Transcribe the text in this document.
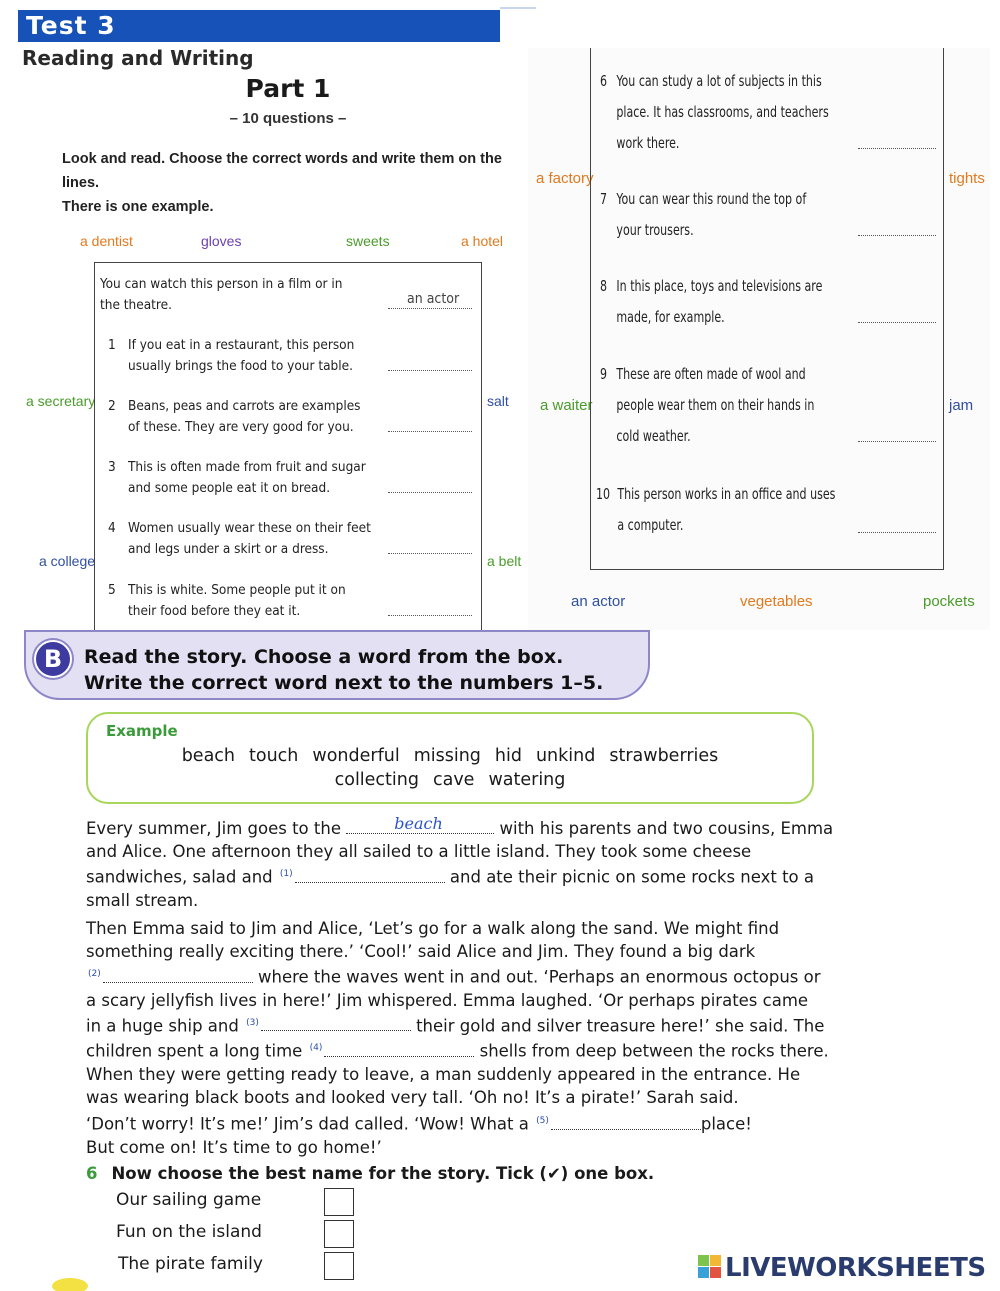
Test 3
Reading and Writing
Part 1
– 10 questions –
Look and read. Choose the correct words and write them on the lines.
There is one example.
a dentist	gloves	sweets	a hotel
a secretary
a college
salt
a belt
a factory
a waiter
tights
jam
an actor	vegetables	pockets
You can watch this person in a film or in
the theatre.	an actor
1 If you eat in a restaurant, this person
usually brings the food to your table.
2 Beans, peas and carrots are examples
of these. They are very good for you.
3 This is often made from fruit and sugar
and some people eat it on bread.
4 Women usually wear these on their feet
and legs under a skirt or a dress.
5 This is white. Some people put it on
their food before they eat it.
6 You can study a lot of subjects in this
place. It has classrooms, and teachers
work there.
7 You can wear this round the top of
your trousers.
8 In this place, toys and televisions are
made, for example.
9 These are often made of wool and
people wear them on their hands in
cold weather.
10 This person works in an office and uses
a computer.
B	Read the story. Choose a word from the box.
Write the correct word next to the numbers 1–5.
Example
beach touch wonderful missing hid unkind strawberries
collecting cave watering
Every summer, Jim goes to the	beach	with his parents and two cousins, Emma
and Alice. One afternoon they all sailed to a little island. They took some cheese
sandwiches, salad and $^{(1)}$	and ate their picnic on some rocks next to a
small stream.
Then Emma said to Jim and Alice, ‘Let’s go for a walk along the sand. We might find
something really exciting there.’ ‘Cool!’ said Alice and Jim. They found a big dark
$^{(2)}$	where the waves went in and out. ‘Perhaps an enormous octopus or
a scary jellyfish lives in here!’ Jim whispered. Emma laughed. ‘Or perhaps pirates came
in a huge ship and $^{(3)}$	their gold and silver treasure here!’ she said. The
children spent a long time $^{(4)}$	shells from deep between the rocks there.
When they were getting ready to leave, a man suddenly appeared in the entrance. He
was wearing black boots and looked very tall. ‘Oh no! It’s a pirate!’ Sarah said.
‘Don’t worry! It’s me!’ Jim’s dad called. ‘Wow! What a $^{(5)}$	place!
But come on! It’s time to go home!’
6 Now choose the best name for the story. Tick (✔) one box.
Our sailing game
Fun on the island
The pirate family	LIVEWORKSHEETS
